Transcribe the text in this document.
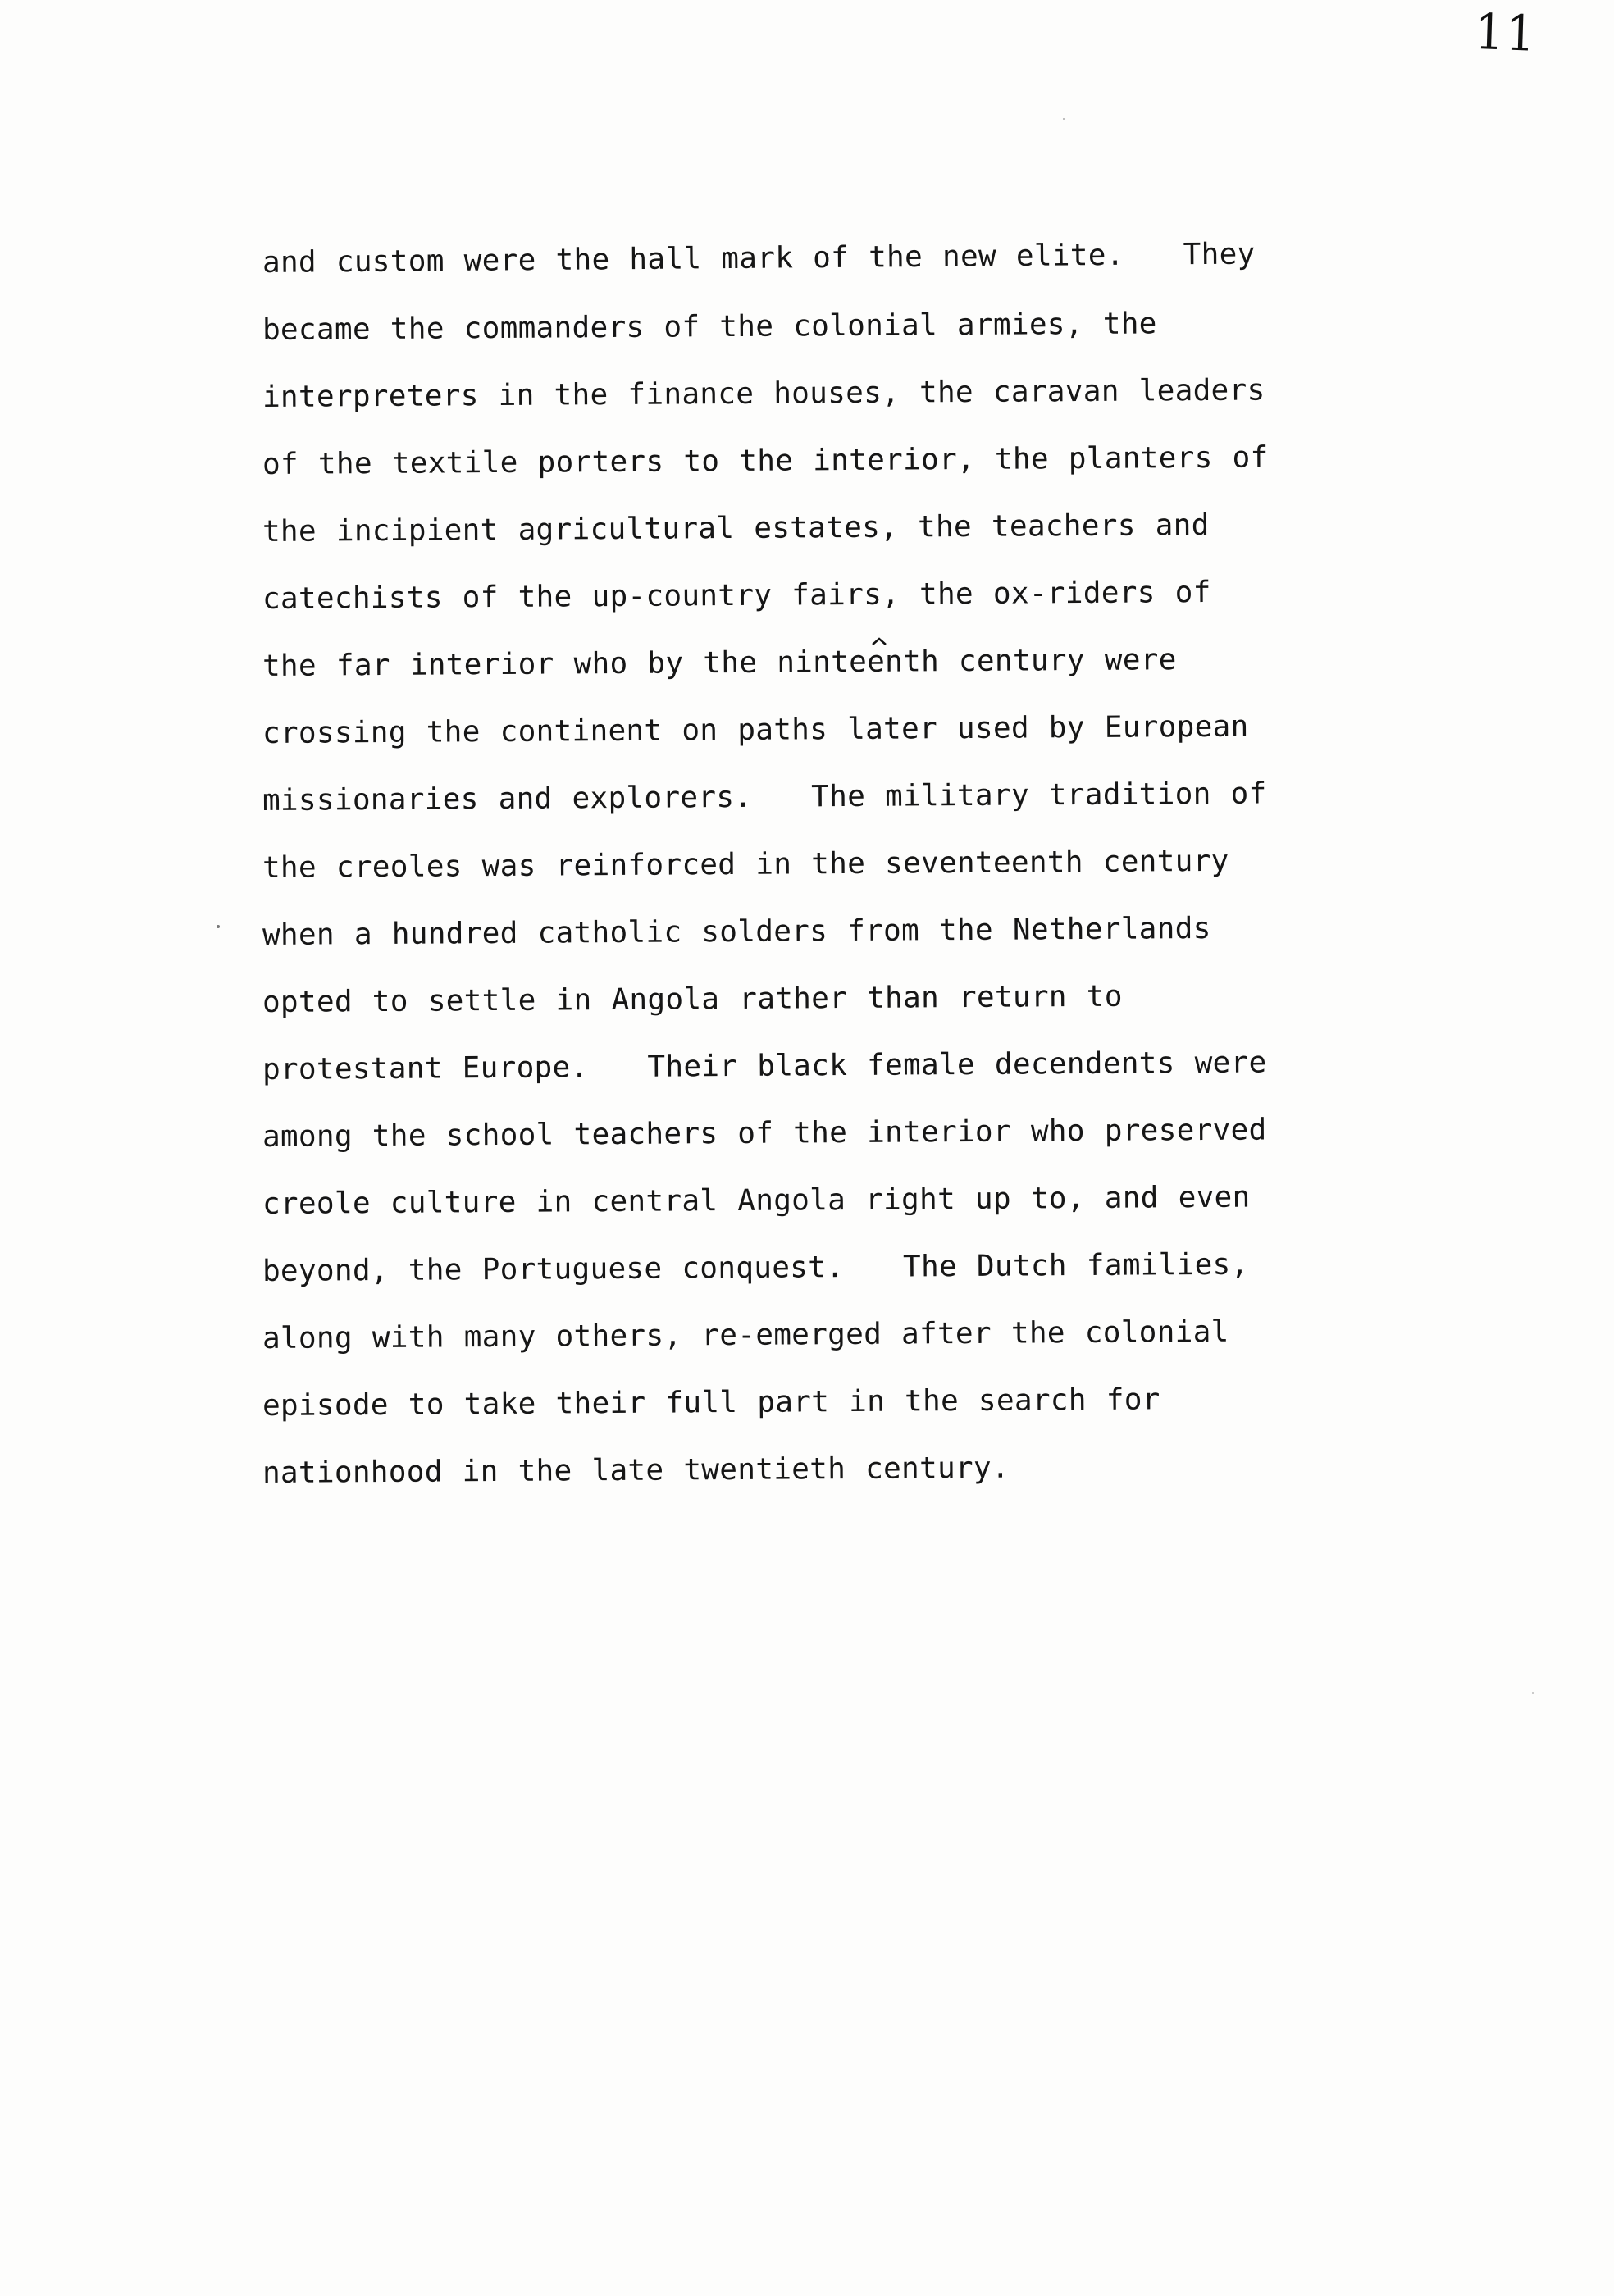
11
and custom were the hall mark of the new elite.   They
became the commanders of the colonial armies, the
interpreters in the finance houses, the caravan leaders
of the textile porters to the interior, the planters of
the incipient agricultural estates, the teachers and
catechists of the up-country fairs, the ox-riders of
the far interior who by the ninteenth century were
crossing the continent on paths later used by European
missionaries and explorers.   The military tradition of
the creoles was reinforced in the seventeenth century
when a hundred catholic solders from the Netherlands
opted to settle in Angola rather than return to
protestant Europe.   Their black female decendents were
among the school teachers of the interior who preserved
creole culture in central Angola right up to, and even
beyond, the Portuguese conquest.   The Dutch families,
along with many others, re-emerged after the colonial
episode to take their full part in the search for
nationhood in the late twentieth century.
